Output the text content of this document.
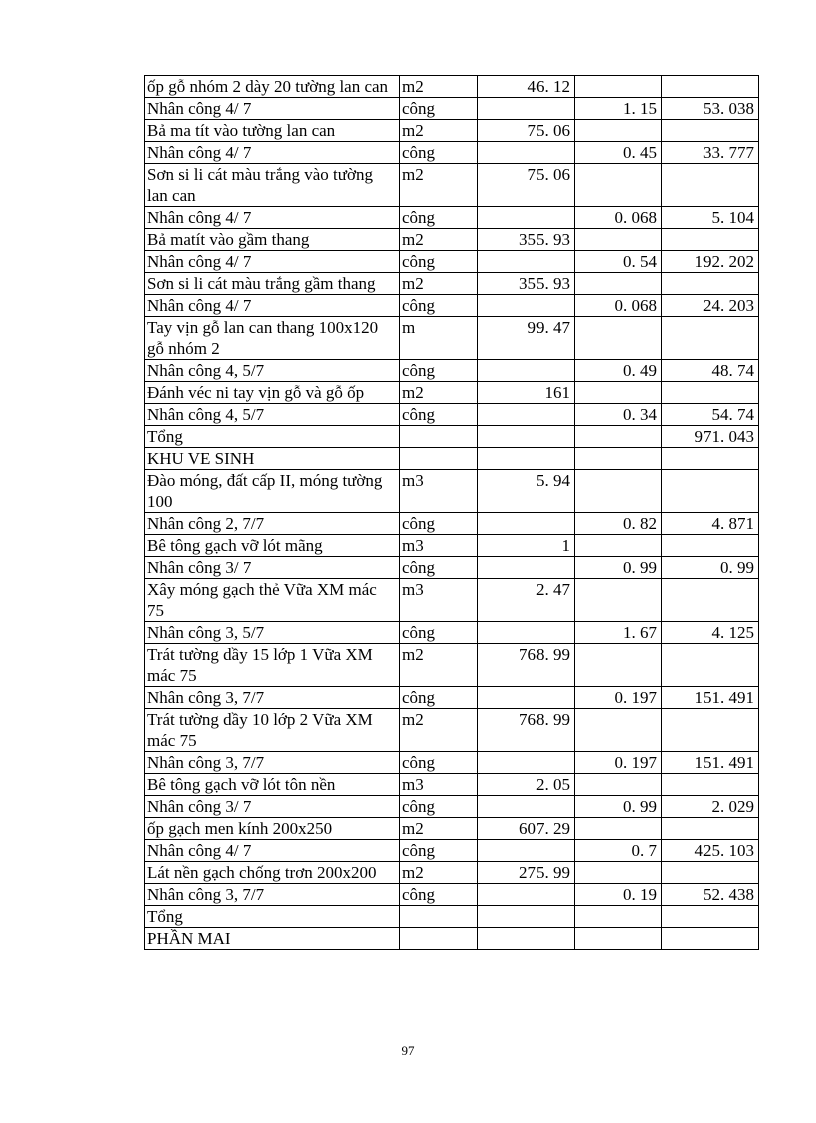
ốp gỗ nhóm 2 dày 20 tường lan can	m2	46. 12		
Nhân công 4/ 7	công		1. 15	53. 038
Bả ma tít vào tường lan can	m2	75. 06		
Nhân công 4/ 7	công		0. 45	33. 777
Sơn si li cát màu trắng vào tường lan can	m2	75. 06		
Nhân công 4/ 7	công		0. 068	5. 104
Bả matít vào gầm thang	m2	355. 93		
Nhân công 4/ 7	công		0. 54	192. 202
Sơn si li cát màu trắng gầm thang	m2	355. 93		
Nhân công 4/ 7	công		0. 068	24. 203
Tay vịn gỗ lan can thang 100x120 gỗ nhóm 2	m	99. 47		
Nhân công 4, 5/7	công		0. 49	48. 74
Đánh véc ni tay vịn gỗ và gỗ ốp	m2	161		
Nhân công 4, 5/7	công		0. 34	54. 74
Tổng				971. 043
KHU VE SINH				
Đào móng, đất cấp II, móng tường 100	m3	5. 94		
Nhân công 2, 7/7	công		0. 82	4. 871
Bê tông gạch vỡ lót mãng	m3	1		
Nhân công 3/ 7	công		0. 99	0. 99
Xây móng gạch thẻ Vữa XM mác 75	m3	2. 47		
Nhân công 3, 5/7	công		1. 67	4. 125
Trát tường dầy 15 lớp 1 Vữa XM mác 75	m2	768. 99		
Nhân công 3, 7/7	công		0. 197	151. 491
Trát tường dầy 10 lớp 2 Vữa XM mác 75	m2	768. 99		
Nhân công 3, 7/7	công		0. 197	151. 491
Bê tông gạch vỡ lót tôn nền	m3	2. 05		
Nhân công 3/ 7	công		0. 99	2. 029
ốp gạch men kính 200x250	m2	607. 29		
Nhân công 4/ 7	công		0. 7	425. 103
Lát nền gạch chống trơn 200x200	m2	275. 99		
Nhân công 3, 7/7	công		0. 19	52. 438
Tổng				
PHẦN MAI				
97
